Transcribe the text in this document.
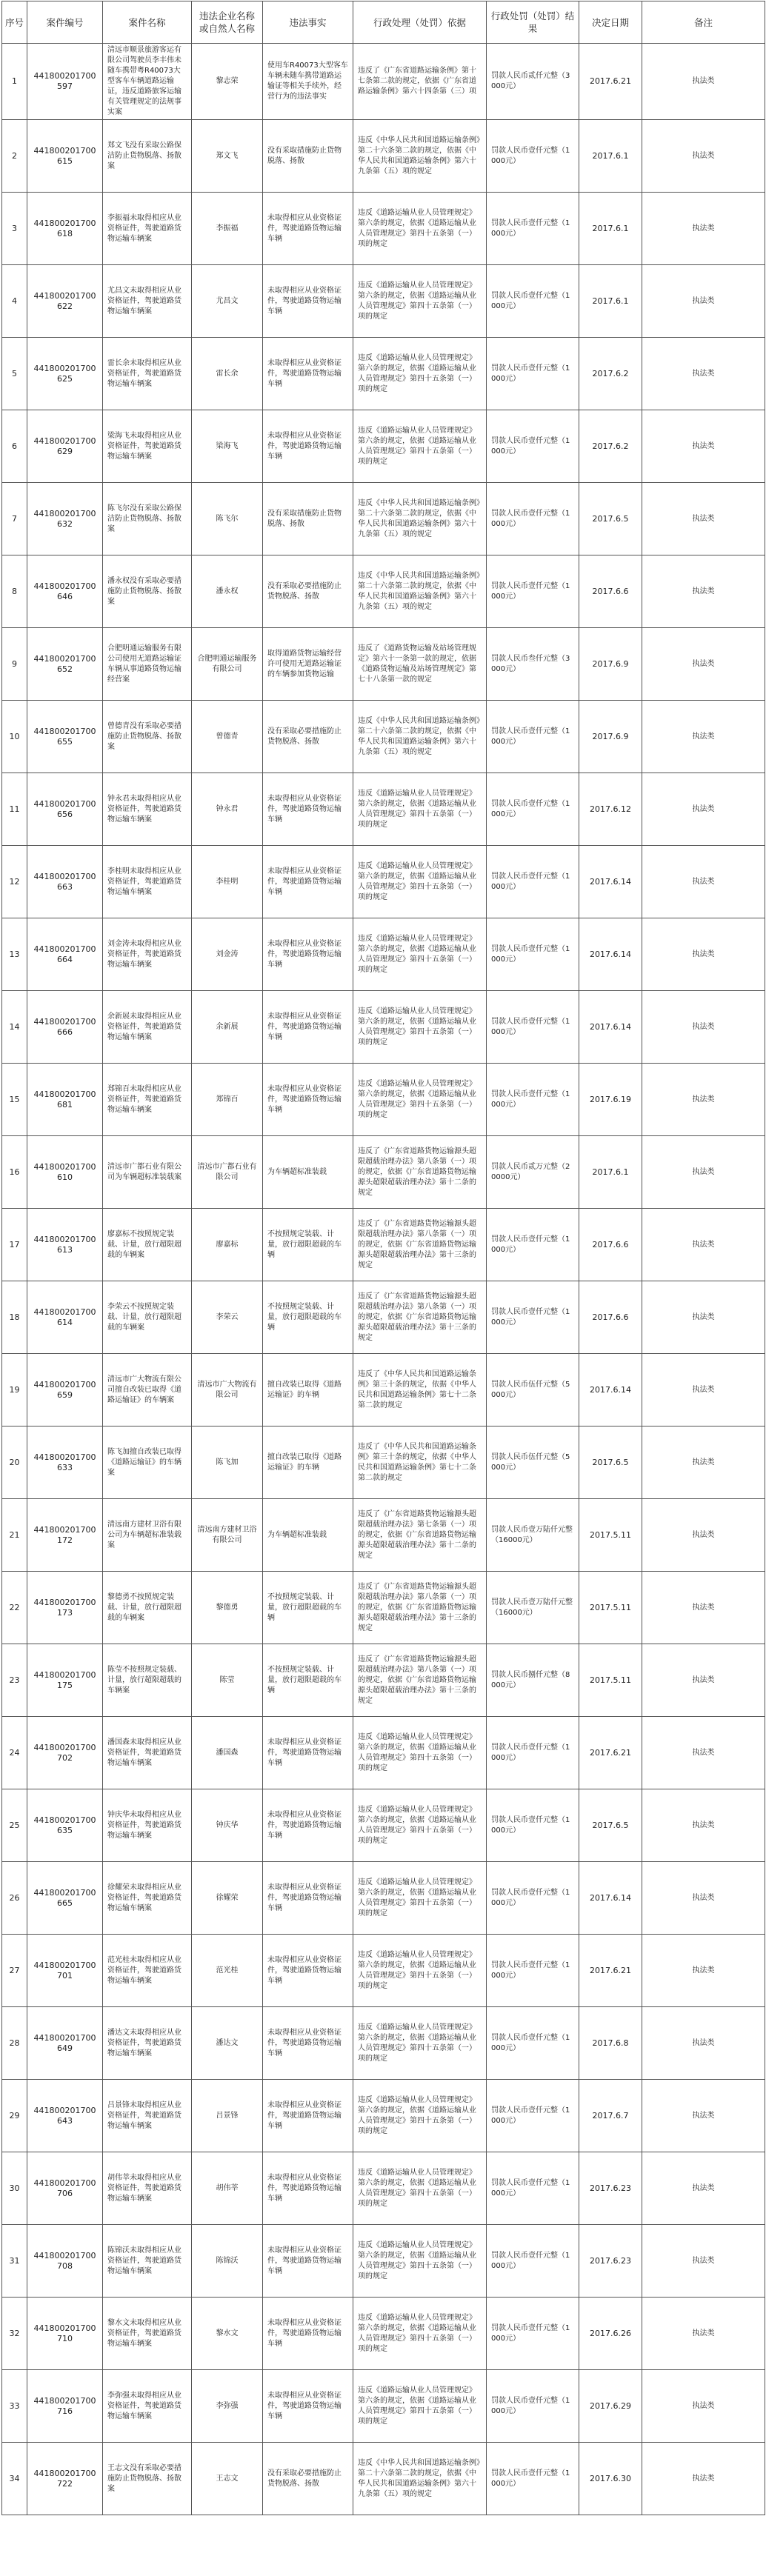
序号	案件编号	案件名称	违法企业名称或自然人名称	违法事实	行政处理（处罚）依据	行政处罚（处罚）结果	决定日期	备注
1	441800201700597	清远市顺景旅游客运有限公司驾驶员李丰伟未随车携带粤R40073大型客车车辆道路运输证，违反道路旅客运输有关管理规定的法规事实案	黎志荣	使用车R40073大型客车车辆未随车携带道路运输证等相关手续外，经营行为的违法事实	违反了《广东省道路运输条例》第十七条第二款的规定，依据《广东省道路运输条例》第六十四条第（三）项	罚款人民币贰仟元整（3000元）	2017.6.21	执法类
2	441800201700615	郑文飞没有采取公路保洁防止货物脱落、扬散案	郑文飞	没有采取措施防止货物脱落、扬散	违反《中华人民共和国道路运输条例》第二十六条第二款的规定，依据《中华人民共和国道路运输条例》第六十九条第（五）项的规定	罚款人民币壹仟元整（1000元）	2017.6.1	执法类
3	441800201700618	李振福未取得相应从业资格证件，驾驶道路货物运输车辆案	李振福	未取得相应从业资格证件，驾驶道路货物运输车辆	违反《道路运输从业人员管理规定》第六条的规定，依据《道路运输从业人员管理规定》第四十五条第（一）项的规定	罚款人民币壹仟元整（1000元）	2017.6.1	执法类
4	441800201700622	尤昌文未取得相应从业资格证件，驾驶道路货物运输车辆案	尤昌文	未取得相应从业资格证件，驾驶道路货物运输车辆	违反《道路运输从业人员管理规定》第六条的规定，依据《道路运输从业人员管理规定》第四十五条第（一）项的规定	罚款人民币壹仟元整（1000元）	2017.6.1	执法类
5	441800201700625	雷长余未取得相应从业资格证件，驾驶道路货物运输车辆案	雷长余	未取得相应从业资格证件，驾驶道路货物运输车辆	违反《道路运输从业人员管理规定》第六条的规定，依据《道路运输从业人员管理规定》第四十五条第（一）项的规定	罚款人民币壹仟元整（1000元）	2017.6.2	执法类
6	441800201700629	梁海飞未取得相应从业资格证件，驾驶道路货物运输车辆案	梁海飞	未取得相应从业资格证件，驾驶道路货物运输车辆	违反《道路运输从业人员管理规定》第六条的规定，依据《道路运输从业人员管理规定》第四十五条第（一）项的规定	罚款人民币壹仟元整（1000元）	2017.6.2	执法类
7	441800201700632	陈飞尔没有采取公路保洁防止货物脱落、扬散案	陈飞尔	没有采取措施防止货物脱落、扬散	违反《中华人民共和国道路运输条例》第二十六条第二款的规定，依据《中华人民共和国道路运输条例》第六十九条第（五）项的规定	罚款人民币壹仟元整（1000元）	2017.6.5	执法类
8	441800201700646	潘永权没有采取必要措施防止货物脱落、扬散案	潘永权	没有采取必要措施防止货物脱落、扬散	违反《中华人民共和国道路运输条例》第二十六条第二款的规定，依据《中华人民共和国道路运输条例》第六十九条第（五）项的规定	罚款人民币壹仟元整（1000元）	2017.6.6	执法类
9	441800201700652	合肥明通运输服务有限公司使用无道路运输证车辆从事道路货物运输经营案	合肥明通运输服务有限公司	取得道路货物运输经营许可使用无道路运输证的车辆参加货物运输	违反了《道路货物运输及站场管理规定》第六十一条第一款的规定，依据《道路货物运输及站场管理规定》第七十八条第一款的规定	罚款人民币叁仟元整（3000元）	2017.6.9	执法类
10	441800201700655	曾德青没有采取必要措施防止货物脱落、扬散案	曾德青	没有采取必要措施防止货物脱落、扬散	违反《中华人民共和国道路运输条例》第二十六条第二款的规定，依据《中华人民共和国道路运输条例》第六十九条第（五）项的规定	罚款人民币壹仟元整（1000元）	2017.6.9	执法类
11	441800201700656	钟永君未取得相应从业资格证件，驾驶道路货物运输车辆案	钟永君	未取得相应从业资格证件，驾驶道路货物运输车辆	违反《道路运输从业人员管理规定》第六条的规定，依据《道路运输从业人员管理规定》第四十五条第（一）项的规定	罚款人民币壹仟元整（1000元）	2017.6.12	执法类
12	441800201700663	李桂明未取得相应从业资格证件，驾驶道路货物运输车辆案	李桂明	未取得相应从业资格证件，驾驶道路货物运输车辆	违反《道路运输从业人员管理规定》第六条的规定，依据《道路运输从业人员管理规定》第四十五条第（一）项的规定	罚款人民币壹仟元整（1000元）	2017.6.14	执法类
13	441800201700664	刘金涛未取得相应从业资格证件，驾驶道路货物运输车辆案	刘金涛	未取得相应从业资格证件，驾驶道路货物运输车辆	违反《道路运输从业人员管理规定》第六条的规定，依据《道路运输从业人员管理规定》第四十五条第（一）项的规定	罚款人民币壹仟元整（1000元）	2017.6.14	执法类
14	441800201700666	余新展未取得相应从业资格证件，驾驶道路货物运输车辆案	余新展	未取得相应从业资格证件，驾驶道路货物运输车辆	违反《道路运输从业人员管理规定》第六条的规定，依据《道路运输从业人员管理规定》第四十五条第（一）项的规定	罚款人民币壹仟元整（1000元）	2017.6.14	执法类
15	441800201700681	郑锦百未取得相应从业资格证件，驾驶道路货物运输车辆案	郑锦百	未取得相应从业资格证件，驾驶道路货物运输车辆	违反《道路运输从业人员管理规定》第六条的规定，依据《道路运输从业人员管理规定》第四十五条第（一）项的规定	罚款人民币壹仟元整（1000元）	2017.6.19	执法类
16	441800201700610	清远市广都石业有限公司为车辆超标准装载案	清远市广都石业有限公司	为车辆超标准装载	违反了《广东省道路货物运输源头超限超载治理办法》第八条第（一）项的规定，依据《广东省道路货物运输源头超限超载治理办法》第十二条的规定	罚款人民币贰万元整（20000元）	2017.6.1	执法类
17	441800201700613	廖嘉标不按照规定装载、计量，放行超限超载的车辆案	廖嘉标	不按照规定装载、计量，放行超限超载的车辆	违反了《广东省道路货物运输源头超限超载治理办法》第八条第（一）项的规定，依据《广东省道路货物运输源头超限超载治理办法》第十三条的规定	罚款人民币壹仟元整（1000元）	2017.6.6	执法类
18	441800201700614	李荣云不按照规定装载、计量，放行超限超载的车辆案	李荣云	不按照规定装载、计量，放行超限超载的车辆	违反了《广东省道路货物运输源头超限超载治理办法》第八条第（一）项的规定，依据《广东省道路货物运输源头超限超载治理办法》第十三条的规定	罚款人民币壹仟元整（1000元）	2017.6.6	执法类
19	441800201700659	清远市广大物流有限公司擅自改装已取得《道路运输证》的车辆案	清远市广大物流有限公司	擅自改装已取得《道路运输证》的车辆	违反了《中华人民共和国道路运输条例》第三十条的规定，依据《中华人民共和国道路运输条例》第七十二条第二款的规定	罚款人民币伍仟元整（5000元）	2017.6.14	执法类
20	441800201700633	陈飞加擅自改装已取得《道路运输证》的车辆案	陈飞加	擅自改装已取得《道路运输证》的车辆	违反了《中华人民共和国道路运输条例》第三十条的规定，依据《中华人民共和国道路运输条例》第七十二条第二款的规定	罚款人民币伍仟元整（5000元）	2017.6.5	执法类
21	441800201700172	清远南方建材卫浴有限公司为车辆超标准装载案	清远南方建材卫浴有限公司	为车辆超标准装载	违反了《广东省道路货物运输源头超限超载治理办法》第七条第（一）项的规定，依据《广东省道路货物运输源头超限超载治理办法》第十二条的规定	罚款人民币壹万陆仟元整（16000元）	2017.5.11	执法类
22	441800201700173	黎德勇不按照规定装载、计量，放行超限超载的车辆案	黎德勇	不按照规定装载、计量，放行超限超载的车辆	违反了《广东省道路货物运输源头超限超载治理办法》第八条第（一）项的规定，依据《广东省道路货物运输源头超限超载治理办法》第十三条的规定	罚款人民币壹万陆仟元整（16000元）	2017.5.11	执法类
23	441800201700175	陈莹不按照规定装载、计量，放行超限超载的车辆案	陈莹	不按照规定装载、计量，放行超限超载的车辆	违反了《广东省道路货物运输源头超限超载治理办法》第八条第（一）项的规定，依据《广东省道路货物运输源头超限超载治理办法》第十三条的规定	罚款人民币捌仟元整（8000元）	2017.5.11	执法类
24	441800201700702	潘国森未取得相应从业资格证件，驾驶道路货物运输车辆案	潘国森	未取得相应从业资格证件，驾驶道路货物运输车辆	违反《道路运输从业人员管理规定》第六条的规定，依据《道路运输从业人员管理规定》第四十五条第（一）项的规定	罚款人民币壹仟元整（1000元）	2017.6.21	执法类
25	441800201700635	钟庆华未取得相应从业资格证件，驾驶道路货物运输车辆案	钟庆华	未取得相应从业资格证件，驾驶道路货物运输车辆	违反《道路运输从业人员管理规定》第六条的规定，依据《道路运输从业人员管理规定》第四十五条第（一）项的规定	罚款人民币壹仟元整（1000元）	2017.6.5	执法类
26	441800201700665	徐耀荣未取得相应从业资格证件，驾驶道路货物运输车辆案	徐耀荣	未取得相应从业资格证件，驾驶道路货物运输车辆	违反《道路运输从业人员管理规定》第六条的规定，依据《道路运输从业人员管理规定》第四十五条第（一）项的规定	罚款人民币壹仟元整（1000元）	2017.6.14	执法类
27	441800201700701	范光桂未取得相应从业资格证件，驾驶道路货物运输车辆案	范光桂	未取得相应从业资格证件，驾驶道路货物运输车辆	违反《道路运输从业人员管理规定》第六条的规定，依据《道路运输从业人员管理规定》第四十五条第（一）项的规定	罚款人民币壹仟元整（1000元）	2017.6.21	执法类
28	441800201700649	潘达文未取得相应从业资格证件，驾驶道路货物运输车辆案	潘达文	未取得相应从业资格证件，驾驶道路货物运输车辆	违反《道路运输从业人员管理规定》第六条的规定，依据《道路运输从业人员管理规定》第四十五条第（一）项的规定	罚款人民币壹仟元整（1000元）	2017.6.8	执法类
29	441800201700643	吕景锋未取得相应从业资格证件，驾驶道路货物运输车辆案	吕景锋	未取得相应从业资格证件，驾驶道路货物运输车辆	违反《道路运输从业人员管理规定》第六条的规定，依据《道路运输从业人员管理规定》第四十五条第（一）项的规定	罚款人民币壹仟元整（1000元）	2017.6.7	执法类
30	441800201700706	胡伟莘未取得相应从业资格证件，驾驶道路货物运输车辆案	胡伟莘	未取得相应从业资格证件，驾驶道路货物运输车辆	违反《道路运输从业人员管理规定》第六条的规定，依据《道路运输从业人员管理规定》第四十五条第（一）项的规定	罚款人民币壹仟元整（1000元）	2017.6.23	执法类
31	441800201700708	陈锦沃未取得相应从业资格证件，驾驶道路货物运输车辆案	陈锦沃	未取得相应从业资格证件，驾驶道路货物运输车辆	违反《道路运输从业人员管理规定》第六条的规定，依据《道路运输从业人员管理规定》第四十五条第（一）项的规定	罚款人民币壹仟元整（1000元）	2017.6.23	执法类
32	441800201700710	黎水文未取得相应从业资格证件，驾驶道路货物运输车辆案	黎水文	未取得相应从业资格证件，驾驶道路货物运输车辆	违反《道路运输从业人员管理规定》第六条的规定，依据《道路运输从业人员管理规定》第四十五条第（一）项的规定	罚款人民币壹仟元整（1000元）	2017.6.26	执法类
33	441800201700716	李弥强未取得相应从业资格证件，驾驶道路货物运输车辆案	李弥强	未取得相应从业资格证件，驾驶道路货物运输车辆	违反《道路运输从业人员管理规定》第六条的规定，依据《道路运输从业人员管理规定》第四十五条第（一）项的规定	罚款人民币壹仟元整（1000元）	2017.6.29	执法类
34	441800201700722	王志文没有采取必要措施防止货物脱落、扬散案	王志文	没有采取必要措施防止货物脱落、扬散	违反《中华人民共和国道路运输条例》第二十六条第二款的规定，依据《中华人民共和国道路运输条例》第六十九条第（五）项的规定	罚款人民币壹仟元整（1000元）	2017.6.30	执法类
